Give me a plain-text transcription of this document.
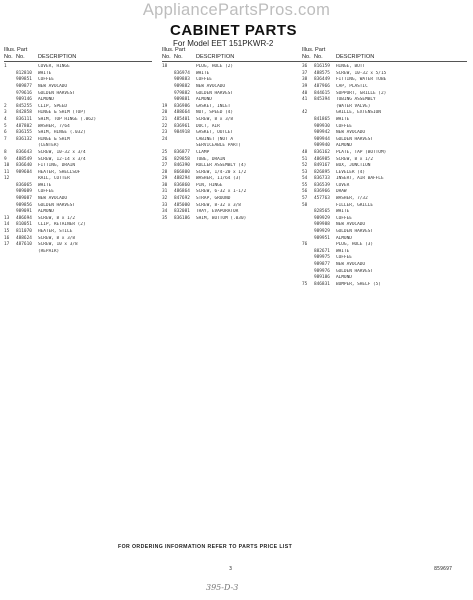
AppliancePartsPros.com
CABINET PARTS
For Model EET 151PKWR-2
Illus. Part
No. No.	DESCRIPTION
1	COVER, HINGE
812810	WHITE
989851	COFFEE
989877	NEW AVOCADO
979616	GOLDEN HARVEST
989146	ALMOND
2	845255	CLIP, SPEED
3	842858	HINGE & SHIM (TOP)
4	836111	SHIM, TOP HINGE (.062)
5	487802	WASHER, 7/64
6	836155	SHIM, HINGE (.032)
7	836132	HINGE & SHIM
(CENTER)
8	836643	SCREW, 10-32 x 3/4
9	488549	SCREW, 12-14 x 3/4
10	836640	FITTING, DRAIN
11	989604	HEATER, SHELLSOF
12	RAIL, COTTER
836065	WHITE
989089	COFFEE
989087	NEW AVOCADO
989856	GOLDEN HARVEST
989091	ALMOND
13	486694	SCREW, 8 x 1/2
14	810051	CLIP, RETAINER (2)
15	811070	HEATER, STILE
16	488624	SCREW, 8 x 3/8
17	487610	SCREW, 10 x 3/8
(REPAIR)
Illus. Part
No. No.	DESCRIPTION
18	PLUG, HOLE (2)
836974	WHITE
989883	COFFEE
989882	NEW AVOCADO
979882	GOLDEN HARVEST
989881	ALMOND
19	836986	GASKET, INLET
20	488664	NUT, SPEED (4)
21	485401	SCREW, 8 x 3/8
22	836961	DUCT, AIR
23	984918	GASKET, OUTLET
24	CABINET (NOT A
SERVICEABLE PART)
25	836877	CLAMP
26	829858	TUBE, DRAIN
27	846390	ROLLER ASSEMBLY (4)
28	866800	SCREW, 1/4-20 x 1/2
29	488294	WASHER, 11/64 (3)
30	836860	PIN, HINGE
31	486864	SCREW, 6-32 x 1-1/2
32	847692	STRAP, GROUND
33	485000	SCREW, 8-32 x 3/8
34	832081	TRAY, EVAPORATOR
35	836186	SHIM, BOTTOM (.030)
Illus. Part
No. No.	DESCRIPTION
36	816159	HINGE, BUTT
37	488575	SCREW, 10-32 x 5/15
38	836449	FITTING, WATER TUBE
39	487966	CAP, PLASTIC
40	844615	SUPPORT, GRILLE (2)
41	845394	TUBING ASSEMBLY
(WATER VALVE)
42	GRILLE, EXTENSION
841865	WHITE
989930	COFFEE
989942	NEW AVOCADO
989944	GOLDEN HARVEST
989940	ALMOND
48	836162	PLATE, TAP (BOTTOM)
51	486985	SCREW, 8 x 1/2
52	849167	BOX, JUNCTION
53	826895	LEVELER (4)
54	836733	INSERT, AIR BAFFLE
55	836539	COVER
56	836966	DRAW
57	457763	WASHER, 7/32
58	FILLER, GRILLE
828565	WHITE
989929	COFFEE
989988	NEW AVOCADO
989929	GOLDEN HARVEST
989951	ALMOND
76	PLUG, HOLE (3)
882671	WHITE
989975	COFFEE
989877	NEW AVOCADO
989976	GOLDEN HARVEST
989186	ALMOND
75	846831	BUMPER, SHELF (5)
FOR ORDERING INFORMATION REFER TO PARTS PRICE LIST
3	859697
395-D-3
